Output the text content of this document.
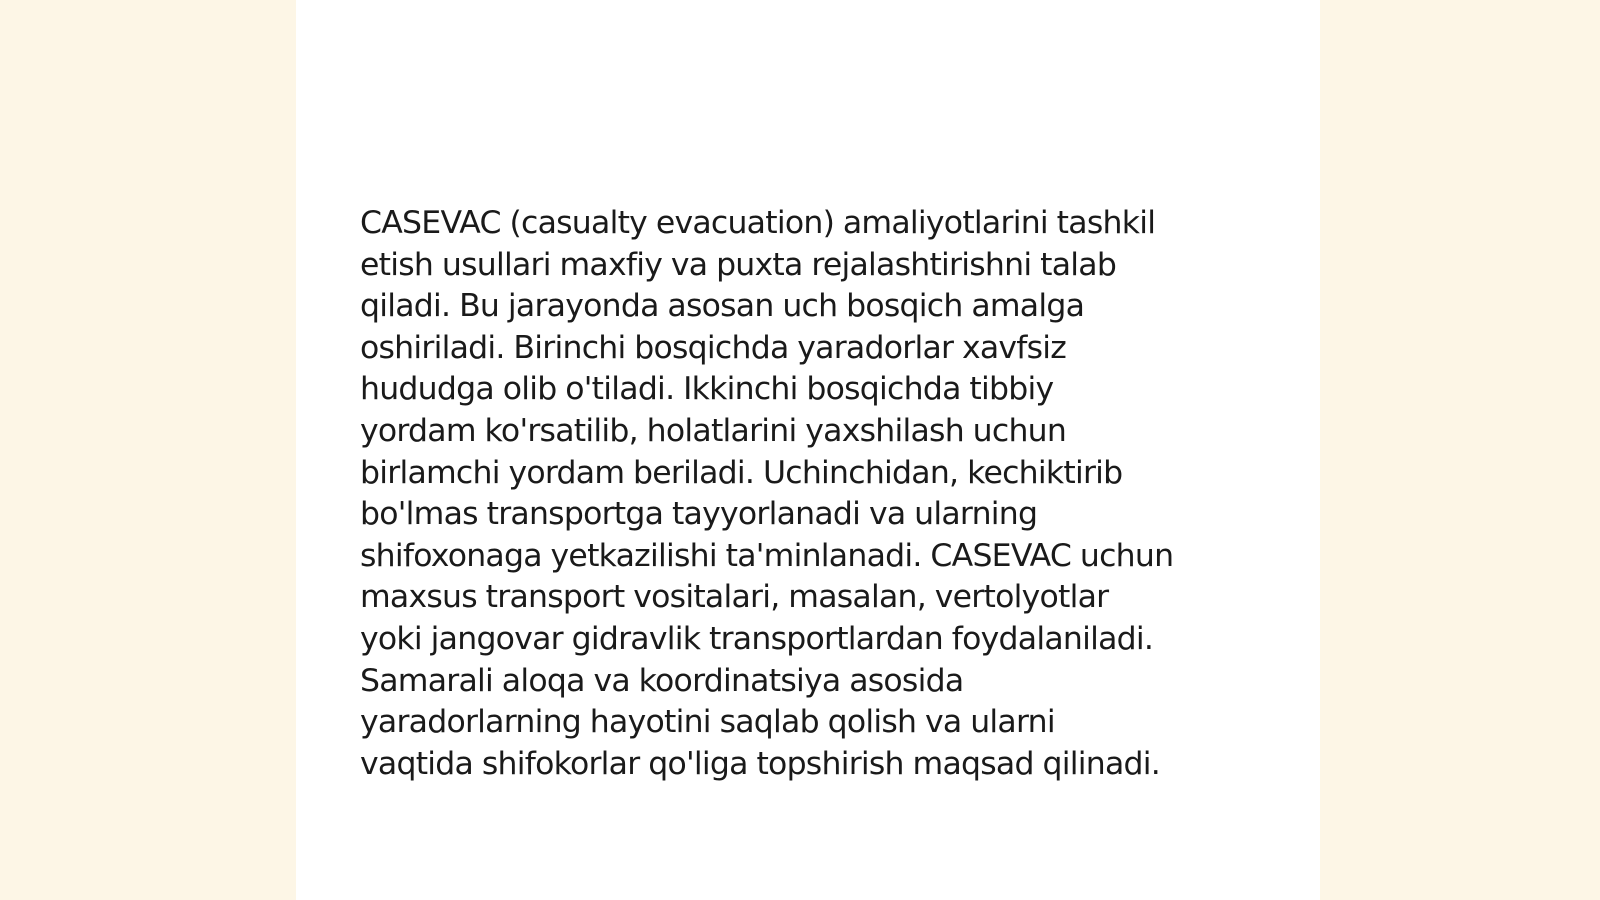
CASEVAC (casualty evacuation) amaliyotlarini tashkil
etish usullari maxfiy va puxta rejalashtirishni talab
qiladi. Bu jarayonda asosan uch bosqich amalga
oshiriladi. Birinchi bosqichda yaradorlar xavfsiz
hududga olib o'tiladi. Ikkinchi bosqichda tibbiy
yordam ko'rsatilib, holatlarini yaxshilash uchun
birlamchi yordam beriladi. Uchinchidan, kechiktirib
bo'lmas transportga tayyorlanadi va ularning
shifoxonaga yetkazilishi ta'minlanadi. CASEVAC uchun
maxsus transport vositalari, masalan, vertolyotlar
yoki jangovar gidravlik transportlardan foydalaniladi.
Samarali aloqa va koordinatsiya asosida
yaradorlarning hayotini saqlab qolish va ularni
vaqtida shifokorlar qo'liga topshirish maqsad qilinadi.
